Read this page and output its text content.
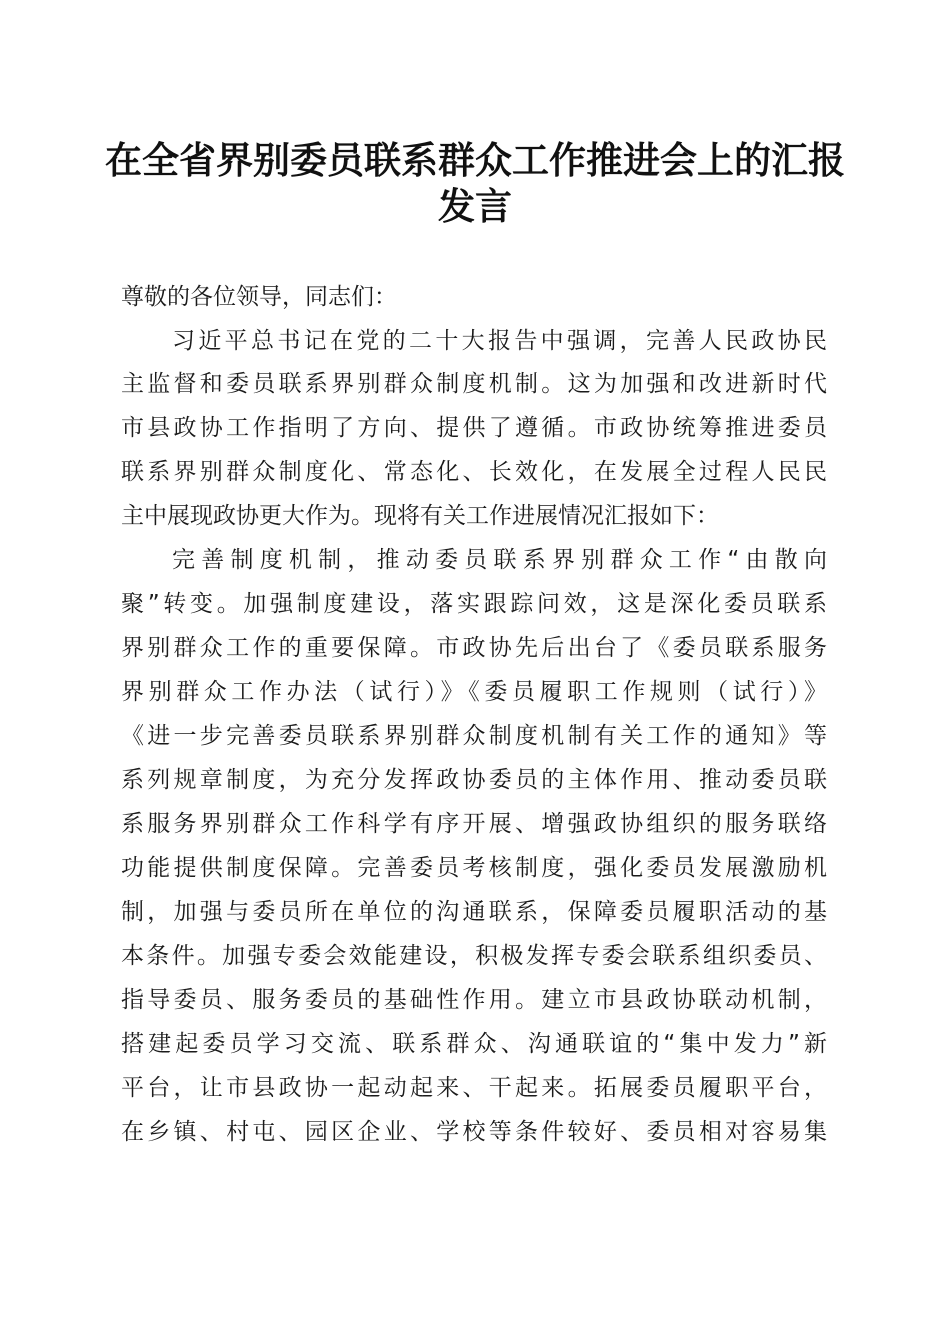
在全省界别委员联系群众工作推进会上的汇报
发言
尊敬的各位领导，同志们：
习近平总书记在党的二十大报告中强调，完善人民政协民
主监督和委员联系界别群众制度机制。这为加强和改进新时代
市县政协工作指明了方向、提供了遵循。市政协统筹推进委员
联系界别群众制度化、常态化、长效化，在发展全过程人民民
主中展现政协更大作为。现将有关工作进展情况汇报如下：
完善制度机制，推动委员联系界别群众工作“由散向
聚”转变。加强制度建设，落实跟踪问效，这是深化委员联系
界别群众工作的重要保障。市政协先后出台了《委员联系服务
界别群众工作办法（试行）》《委员履职工作规则（试行）》
《进一步完善委员联系界别群众制度机制有关工作的通知》等
系列规章制度，为充分发挥政协委员的主体作用、推动委员联
系服务界别群众工作科学有序开展、增强政协组织的服务联络
功能提供制度保障。完善委员考核制度，强化委员发展激励机
制，加强与委员所在单位的沟通联系，保障委员履职活动的基
本条件。加强专委会效能建设，积极发挥专委会联系组织委员、
指导委员、服务委员的基础性作用。建立市县政协联动机制，
搭建起委员学习交流、联系群众、沟通联谊的“集中发力”新
平台，让市县政协一起动起来、干起来。拓展委员履职平台，
在乡镇、村屯、园区企业、学校等条件较好、委员相对容易集
